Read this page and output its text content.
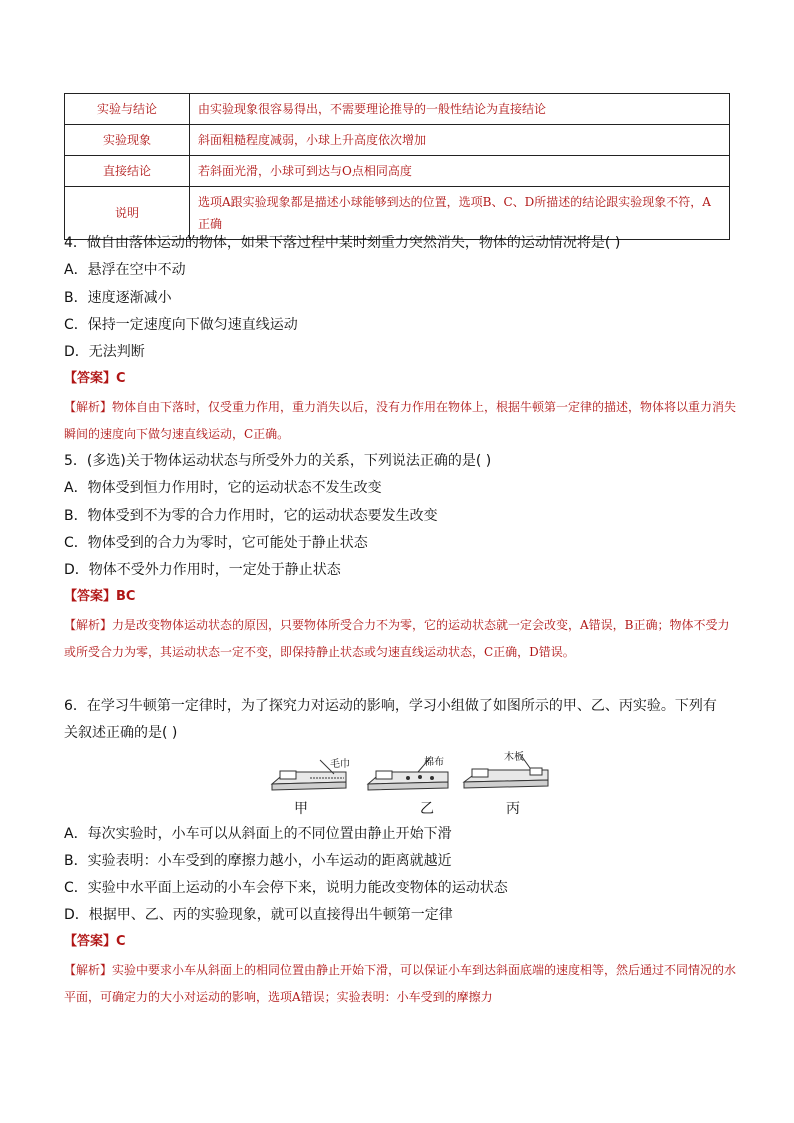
实验与结论	由实验现象很容易得出，不需要理论推导的一般性结论为直接结论
实验现象	斜面粗糙程度减弱，小球上升高度依次增加
直接结论	若斜面光滑，小球可到达与O点相同高度
说明	选项A跟实验现象都是描述小球能够到达的位置，选项B、C、D所描述的结论跟实验现象不符，A正确
4．做自由落体运动的物体，如果下落过程中某时刻重力突然消失，物体的运动情况将是( )
A．悬浮在空中不动
B．速度逐渐减小
C．保持一定速度向下做匀速直线运动
D．无法判断
【答案】C
【解析】物体自由下落时，仅受重力作用，重力消失以后，没有力作用在物体上，根据牛顿第一定律的描述，物体将以重力消失瞬间的速度向下做匀速直线运动，C正确。
5．(多选)关于物体运动状态与所受外力的关系，下列说法正确的是( )
A．物体受到恒力作用时，它的运动状态不发生改变
B．物体受到不为零的合力作用时，它的运动状态要发生改变
C．物体受到的合力为零时，它可能处于静止状态
D．物体不受外力作用时，一定处于静止状态
【答案】BC
【解析】力是改变物体运动状态的原因，只要物体所受合力不为零，它的运动状态就一定会改变，A错误，B正确；物体不受力或所受合力为零，其运动状态一定不变，即保持静止状态或匀速直线运动状态，C正确，D错误。
6．在学习牛顿第一定律时，为了探究力对运动的影响，学习小组做了如图所示的甲、乙、丙实验。下列有
关叙述正确的是( )
毛巾	棉布	木板
甲	乙	丙
A．每次实验时，小车可以从斜面上的不同位置由静止开始下滑
B．实验表明：小车受到的摩擦力越小，小车运动的距离就越近
C．实验中水平面上运动的小车会停下来，说明力能改变物体的运动状态
D．根据甲、乙、丙的实验现象，就可以直接得出牛顿第一定律
【答案】C
【解析】实验中要求小车从斜面上的相同位置由静止开始下滑，可以保证小车到达斜面底端的速度相等，然后通过不同情况的水平面，可确定力的大小对运动的影响，选项A错误；实验表明：小车受到的摩擦力
